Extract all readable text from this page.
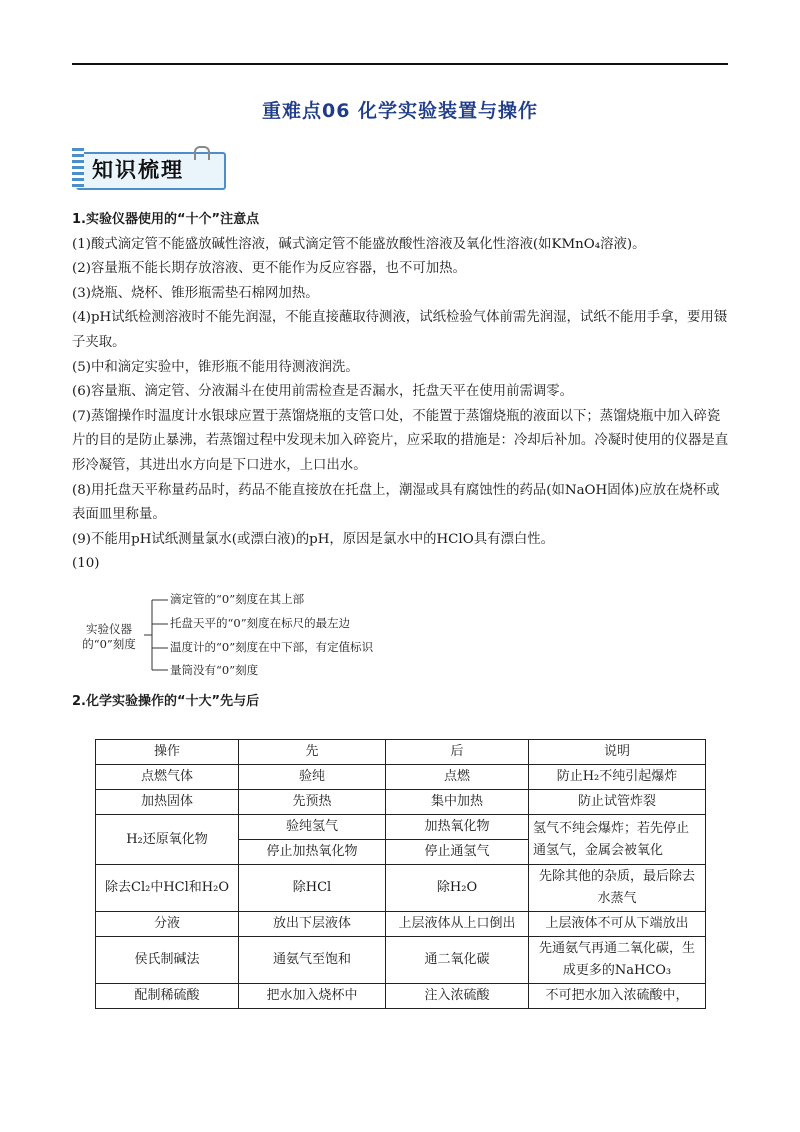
重难点06 化学实验装置与操作
知识梳理

1.实验仪器使用的“十个”注意点

(1)酸式滴定管不能盛放碱性溶液，碱式滴定管不能盛放酸性溶液及氧化性溶液(如KMnO₄溶液)。

(2)容量瓶不能长期存放溶液、更不能作为反应容器，也不可加热。

(3)烧瓶、烧杯、锥形瓶需垫石棉网加热。

(4)pH试纸检测溶液时不能先润湿，不能直接蘸取待测液，试纸检验气体前需先润湿，试纸不能用手拿，要用镊子夹取。

(5)中和滴定实验中，锥形瓶不能用待测液润洗。

(6)容量瓶、滴定管、分液漏斗在使用前需检查是否漏水，托盘天平在使用前需调零。

(7)蒸馏操作时温度计水银球应置于蒸馏烧瓶的支管口处，不能置于蒸馏烧瓶的液面以下；蒸馏烧瓶中加入碎瓷片的目的是防止暴沸，若蒸馏过程中发现未加入碎瓷片，应采取的措施是：冷却后补加。冷凝时使用的仪器是直形冷凝管，其进出水方向是下口进水，上口出水。

(8)用托盘天平称量药品时，药品不能直接放在托盘上，潮湿或具有腐蚀性的药品(如NaOH固体)应放在烧杯或表面皿里称量。

(9)不能用pH试纸测量氯水(或漂白液)的pH，原因是氯水中的HClO具有漂白性。

(10)

实验仪器的“0”刻度
滴定管的“0”刻度在其上部
托盘天平的“0”刻度在标尺的最左边
温度计的“0”刻度在中下部，有定值标识
量筒没有“0”刻度
2.化学实验操作的“十大”先与后
操作	先	后	说明
点燃气体	验纯	点燃	防止H₂不纯引起爆炸
加热固体	先预热	集中加热	防止试管炸裂
H₂还原氧化物	验纯氢气	加热氧化物	氢气不纯会爆炸；若先停止通氢气，金属会被氧化
	停止加热氧化物	停止通氢气	
除去Cl₂中HCl和H₂O	除HCl	除H₂O	先除其他的杂质，最后除去水蒸气
分液	放出下层液体	上层液体从上口倒出	上层液体不可从下端放出
侯氏制碱法	通氨气至饱和	通二氧化碳	先通氨气再通二氧化碳，生成更多的NaHCO₃
配制稀硫酸	把水加入烧杯中	注入浓硫酸	不可把水加入浓硫酸中，
